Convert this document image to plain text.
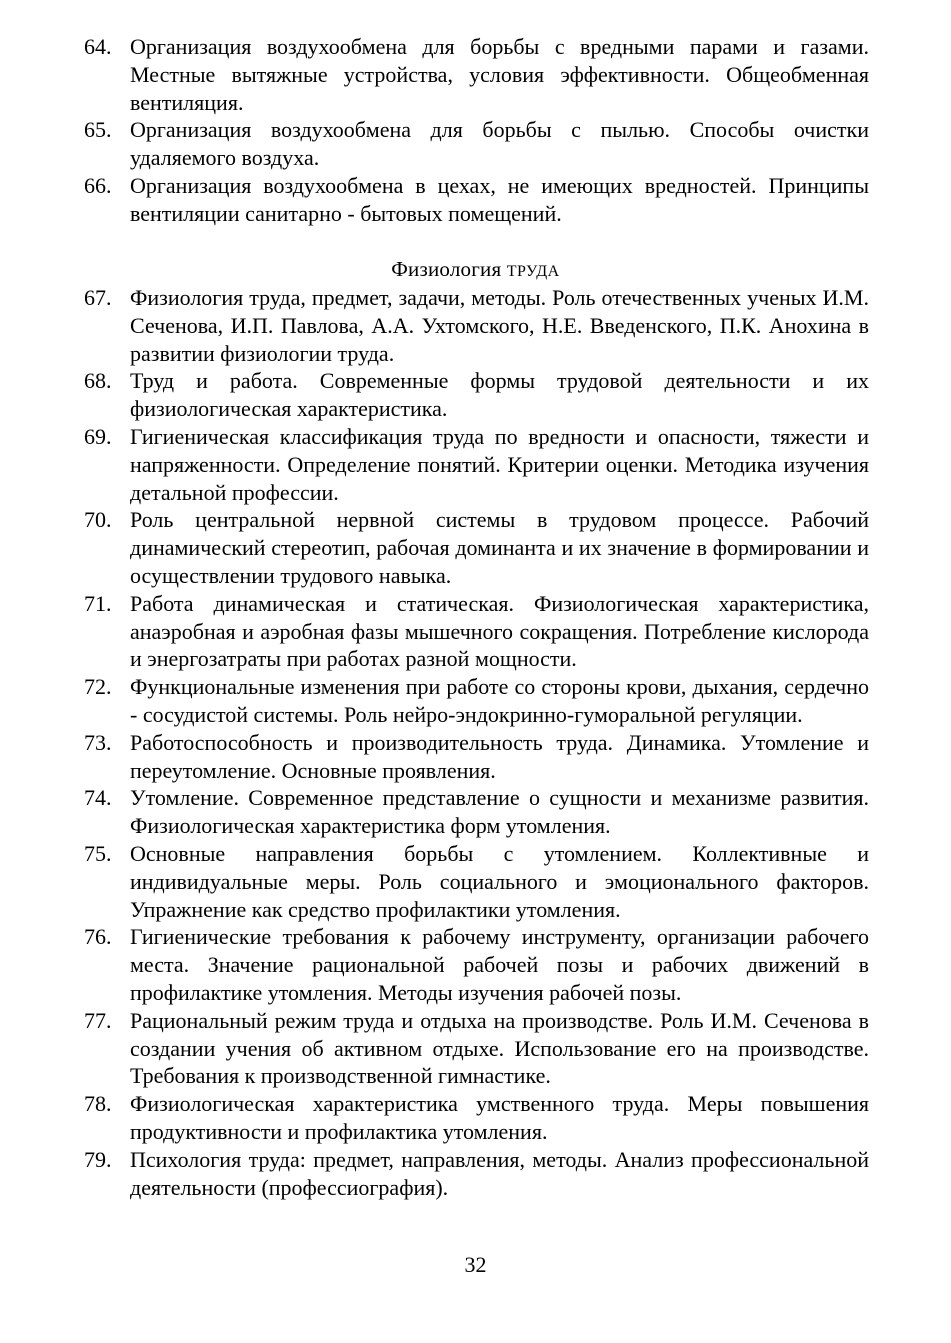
64. Организация воздухообмена для борьбы с вредными парами и газами. Местные вытяжные устройства, условия эффективности. Общеобменная вентиляция.

65. Организация воздухообмена для борьбы с пылью. Способы очистки удаляемого воздуха.

66. Организация воздухообмена в цехах, не имеющих вредностей. Принципы вентиляции санитарно - бытовых помещений.

Физиология ТРУДА

67. Физиология труда, предмет, задачи, методы. Роль отечественных ученых И.М. Сеченова, И.П. Павлова, А.А. Ухтомского, Н.Е. Введенского, П.К. Анохина в развитии физиологии труда.

68. Труд и работа. Современные формы трудовой деятельности и их физиологическая характеристика.

69. Гигиеническая классификация труда по вредности и опасности, тяжести и напряженности. Определение понятий. Критерии оценки. Методика изучения детальной профессии.

70. Роль центральной нервной системы в трудовом процессе. Рабочий динамический стереотип, рабочая доминанта и их значение в формировании и осуществлении трудового навыка.

71. Работа динамическая и статическая. Физиологическая характеристика, анаэробная и аэробная фазы мышечного сокращения. Потребление кислорода и энергозатраты при работах разной мощности.

72. Функциональные изменения при работе со стороны крови, дыхания, сердечно - сосудистой системы. Роль нейро-эндокринно-гуморальной регуляции.

73. Работоспособность и производительность труда. Динамика. Утомление и переутомление. Основные проявления.

74. Утомление. Современное представление о сущности и механизме развития. Физиологическая характеристика форм утомления.

75. Основные направления борьбы с утомлением. Коллективные и индивидуальные меры. Роль социального и эмоционального факторов. Упражнение как средство профилактики утомления.

76. Гигиенические требования к рабочему инструменту, организации рабочего места. Значение рациональной рабочей позы и рабочих движений в профилактике утомления. Методы изучения рабочей позы.

77. Рациональный режим труда и отдыха на производстве. Роль И.М. Сеченова в создании учения об активном отдыхе. Использование его на производстве. Требования к производственной гимнастике.

78. Физиологическая характеристика умственного труда. Меры повышения продуктивности и профилактика утомления.

79. Психология труда: предмет, направления, методы. Анализ профессиональной деятельности (профессиография).

32
